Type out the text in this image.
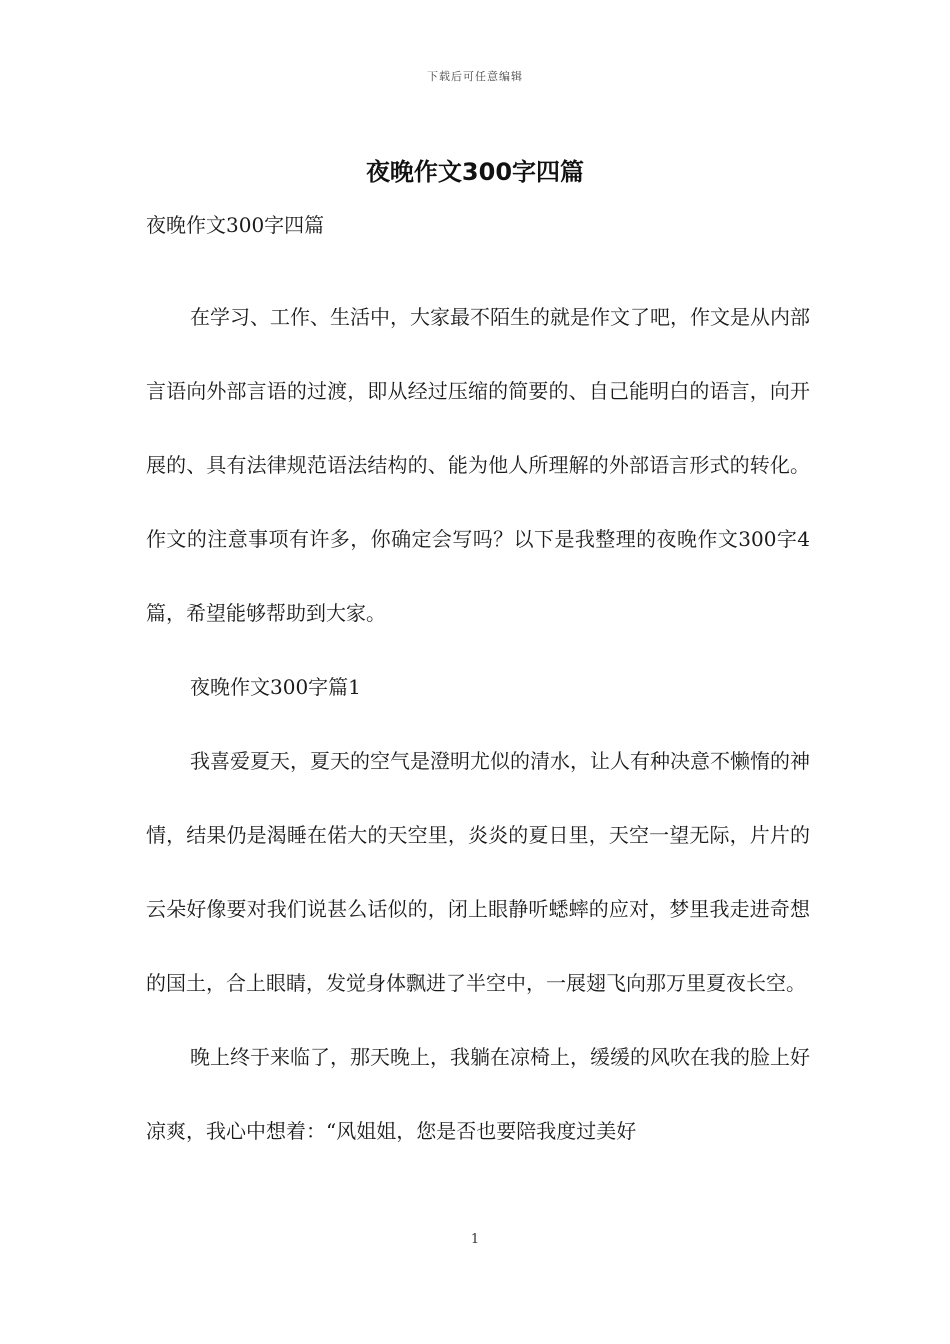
下载后可任意编辑
夜晚作文300字四篇

夜晚作文300字四篇

在学习、工作、生活中，大家最不陌生的就是作文了吧，作文是从内部言语向外部言语的过渡，即从经过压缩的简要的、自己能明白的语言，向开展的、具有法律规范语法结构的、能为他人所理解的外部语言形式的转化。作文的注意事项有许多，你确定会写吗？以下是我整理的夜晚作文300字4篇，希望能够帮助到大家。

夜晚作文300字篇1

我喜爱夏天，夏天的空气是澄明尤似的清水，让人有种决意不懒惰的神情，结果仍是渴睡在偌大的天空里，炎炎的夏日里，天空一望无际，片片的云朵好像要对我们说甚么话似的，闭上眼静听蟋蟀的应对，梦里我走进奇想的国土，合上眼睛，发觉身体飘进了半空中，一展翅飞向那万里夏夜长空。

晚上终于来临了，那天晚上，我躺在凉椅上，缓缓的风吹在我的脸上好凉爽，我心中想着：“风姐姐，您是否也要陪我度过美好

1
